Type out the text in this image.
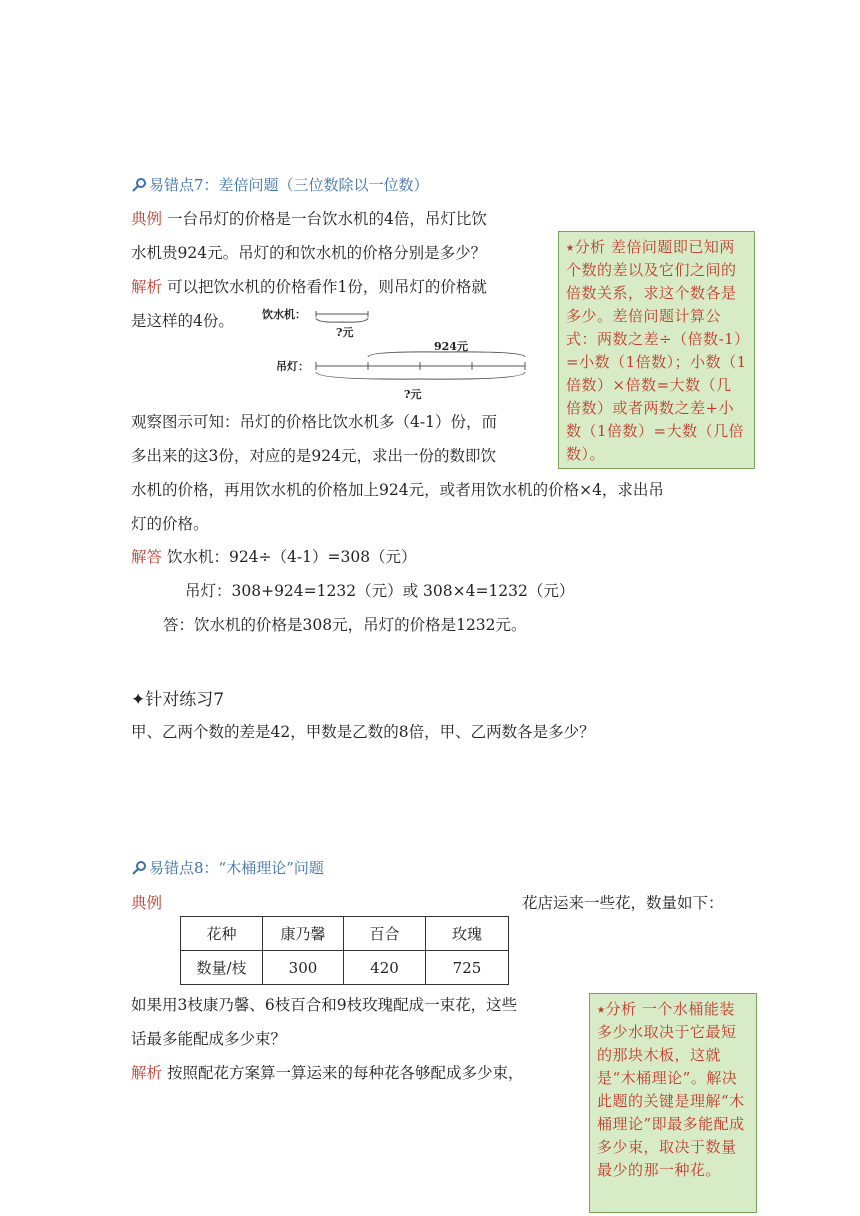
易错点7：差倍问题（三位数除以一位数）
典例 一台吊灯的价格是一台饮水机的4倍，吊灯比饮
水机贵924元。吊灯的和饮水机的价格分别是多少？
解析 可以把饮水机的价格看作1份，则吊灯的价格就
是这样的4份。	饮水机：
?元
924元
吊灯：
?元
观察图示可知：吊灯的价格比饮水机多（4-1）份，而
多出来的这3份，对应的是924元，求出一份的数即饮
水机的价格，再用饮水机的价格加上924元，或者用饮水机的价格×4，求出吊
灯的价格。
解答 饮水机：924÷（4-1）=308（元）
吊灯：308+924=1232（元）或 308×4=1232（元）
答：饮水机的价格是308元，吊灯的价格是1232元。
⭑分析 差倍问题即已知两个数的差以及它们之间的倍数关系，求这个数各是多少。差倍问题计算公式：两数之差÷（倍数-1）=小数（1倍数）；小数（1倍数）×倍数=大数（几倍数）或者两数之差+小数（1倍数）=大数（几倍数）。
✦针对练习7
甲、乙两个数的差是42，甲数是乙数的8倍，甲、乙两数各是多少？
易错点8：“木桶理论”问题
典例	花店运来一些花，数量如下：
花种	康乃馨	百合	玫瑰
数量/枝	300	420	725
如果用3枝康乃馨、6枝百合和9枝玫瑰配成一束花，这些
话最多能配成多少束？
解析 按照配花方案算一算运来的每种花各够配成多少束，
⭑分析 一个水桶能装多少水取决于它最短的那块木板，这就是“木桶理论”。解决此题的关键是理解“木桶理论”即最多能配成多少束，取决于数量最少的那一种花。
